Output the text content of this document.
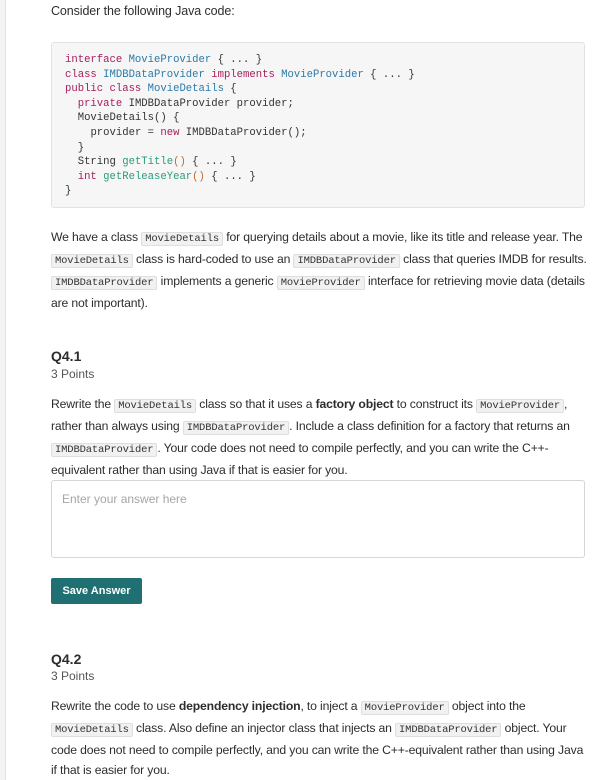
Consider the following Java code:
interface MovieProvider { ... }
class IMDBDataProvider implements MovieProvider { ... }
public class MovieDetails {
private IMDBDataProvider provider;
MovieDetails() {
provider = new IMDBDataProvider();
}
String getTitle() { ... }
int getReleaseYear() { ... }
}
We have a class MovieDetails for querying details about a movie, like its title and release year. The MovieDetails class is hard-coded to use an IMDBDataProvider class that queries IMDB for results. IMDBDataProvider implements a generic MovieProvider interface for retrieving movie data (details are not important).
Q4.1
3 Points
Rewrite the MovieDetails class so that it uses a factory object to construct its MovieProvider , rather than always using IMDBDataProvider . Include a class definition for a factory that returns an IMDBDataProvider . Your code does not need to compile perfectly, and you can write the C++-equivalent rather than using Java if that is easier for you.
Enter your answer here
Save Answer
Q4.2
3 Points
Rewrite the code to use dependency injection, to inject a MovieProvider object into the MovieDetails class. Also define an injector class that injects an IMDBDataProvider object. Your code does not need to compile perfectly, and you can write the C++-equivalent rather than using Java if that is easier for you.
